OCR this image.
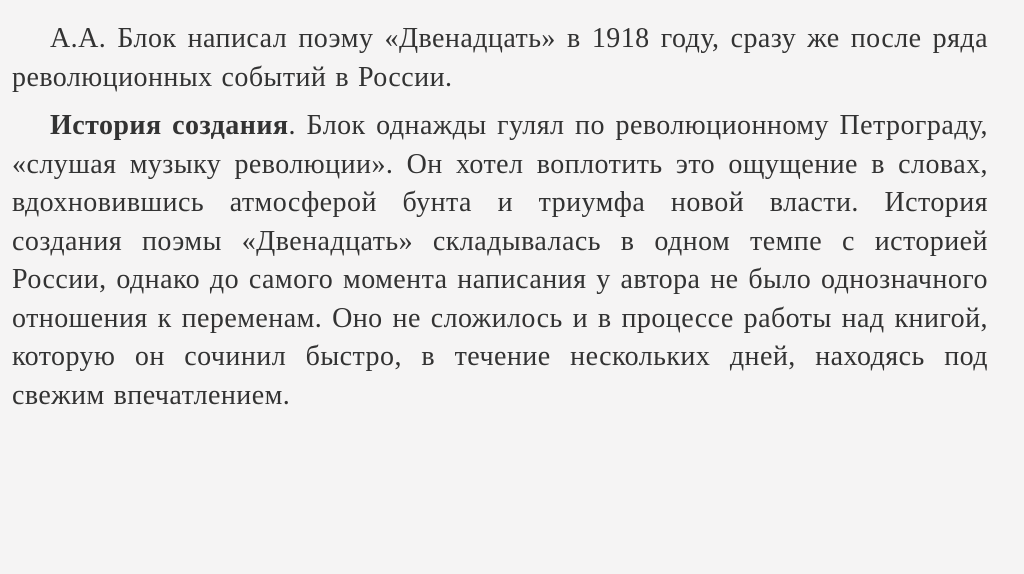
А.А. Блок написал поэму «Двенадцать» в 1918 году, сразу же после ряда революционных событий в России.

История создания. Блок однажды гулял по революционному Петрограду, «слушая музыку революции». Он хотел воплотить это ощущение в словах, вдохновившись атмосферой бунта и триумфа новой власти. История создания поэмы «Двенадцать» складывалась в одном темпе с историей России, однако до самого момента написания у автора не было однозначного отношения к переменам. Оно не сложилось и в процессе работы над книгой, которую он сочинил быстро, в течение нескольких дней, находясь под свежим впечатлением.
